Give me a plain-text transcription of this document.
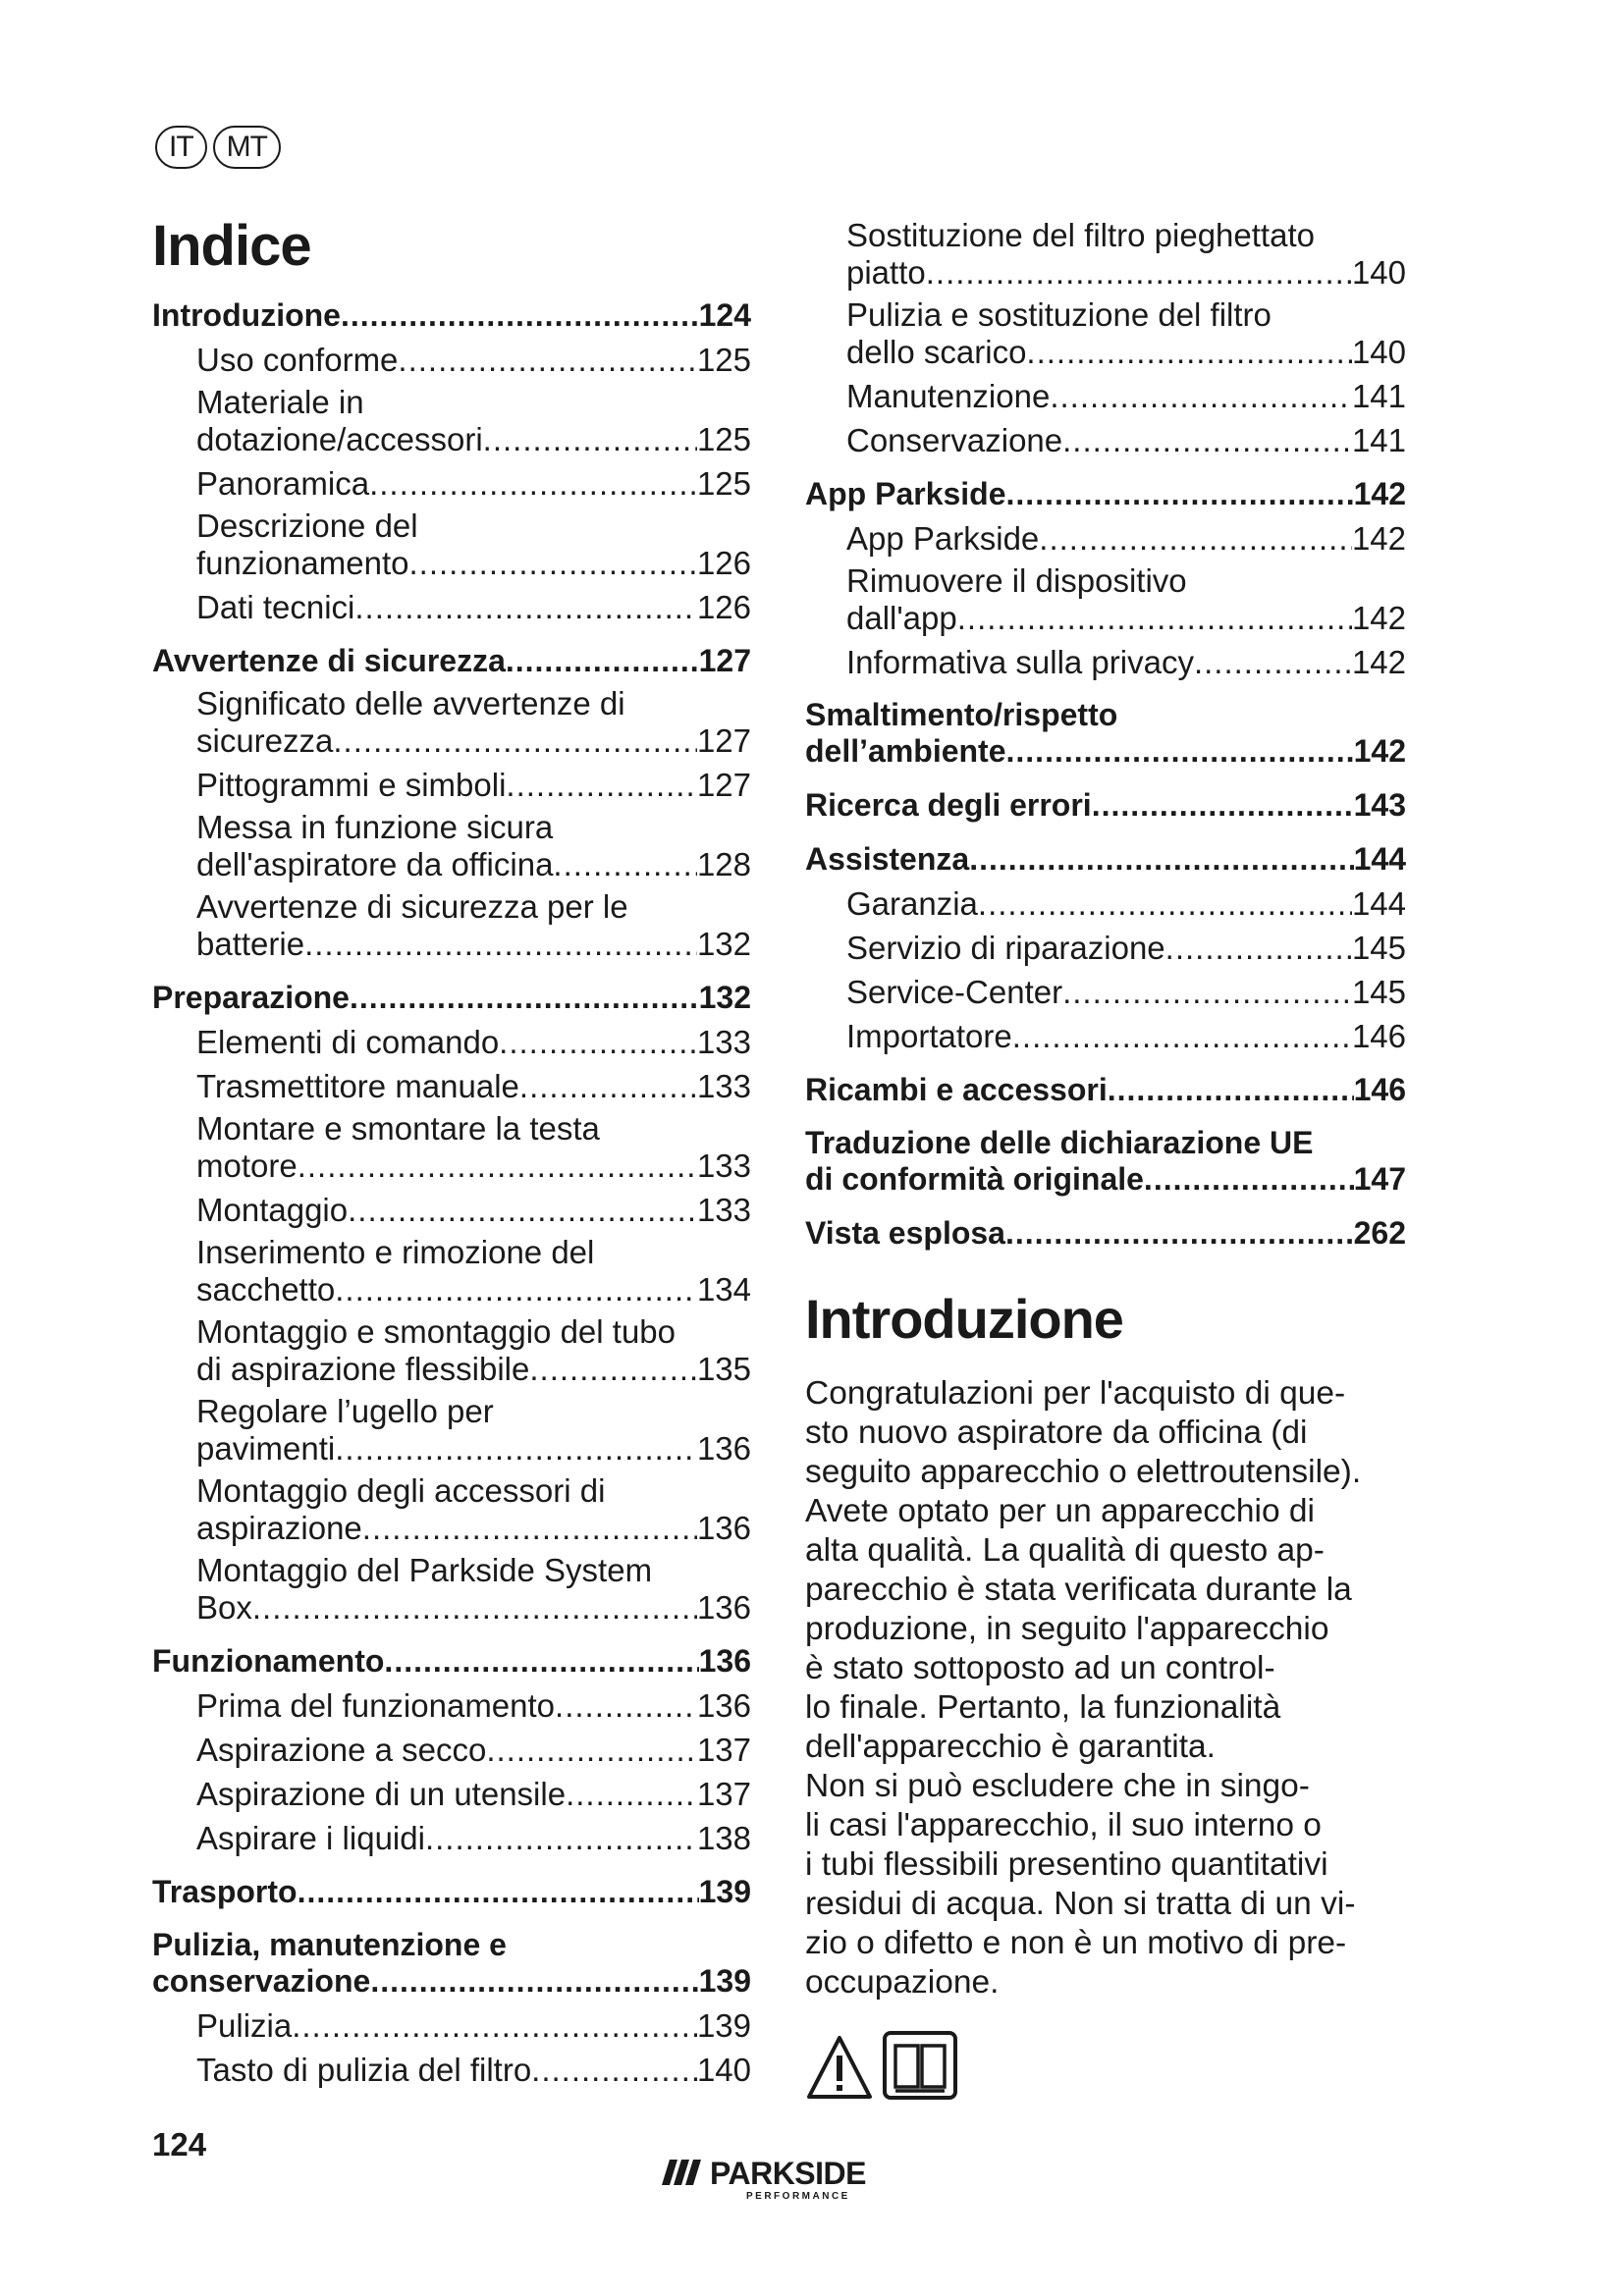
IT	MT
Indice
Introduzione .....	124
Uso conforme .....	125
Materiale in
dotazione/accessori .....	125
Panoramica .....	125
Descrizione del
funzionamento .....	126
Dati tecnici .....	126
Avvertenze di sicurezza .....	127
Significato delle avvertenze di
sicurezza .....	127
Pittogrammi e simboli .....	127
Messa in funzione sicura
dell'aspiratore da officina .....	128
Avvertenze di sicurezza per le
batterie .....	132
Preparazione .....	132
Elementi di comando .....	133
Trasmettitore manuale .....	133
Montare e smontare la testa
motore .....	133
Montaggio .....	133
Inserimento e rimozione del
sacchetto .....	134
Montaggio e smontaggio del tubo
di aspirazione flessibile .....	135
Regolare l’ugello per
pavimenti .....	136
Montaggio degli accessori di
aspirazione .....	136
Montaggio del Parkside System
Box .....	136
Funzionamento .....	136
Prima del funzionamento .....	136
Aspirazione a secco .....	137
Aspirazione di un utensile .....	137
Aspirare i liquidi .....	138
Trasporto .....	139
Pulizia, manutenzione e
conservazione .....	139
Pulizia .....	139
Tasto di pulizia del filtro .....	140
Sostituzione del filtro pieghettato
piatto .....	140
Pulizia e sostituzione del filtro
dello scarico .....	140
Manutenzione .....	141
Conservazione .....	141
App Parkside .....	142
App Parkside .....	142
Rimuovere il dispositivo
dall'app .....	142
Informativa sulla privacy .....	142
Smaltimento/rispetto
dell’ambiente .....	142
Ricerca degli errori .....	143
Assistenza .....	144
Garanzia .....	144
Servizio di riparazione .....	145
Service-Center .....	145
Importatore .....	146
Ricambi e accessori .....	146
Traduzione delle dichiarazione UE
di conformità originale .....	147
Vista esplosa .....	262
Introduzione

Congratulazioni per l'acquisto di que-

sto nuovo aspiratore da officina (di

seguito apparecchio o elettroutensile).

Avete optato per un apparecchio di

alta qualità. La qualità di questo ap-

parecchio è stata verificata durante la

produzione, in seguito l'apparecchio

è stato sottoposto ad un control-

lo finale. Pertanto, la funzionalità

dell'apparecchio è garantita.

Non si può escludere che in singo-

li casi l'apparecchio, il suo interno o

i tubi flessibili presentino quantitativi

residui di acqua. Non si tratta di un vi-

zio o difetto e non è un motivo di pre-

occupazione.

124
PARKSIDE
PERFORMANCE
